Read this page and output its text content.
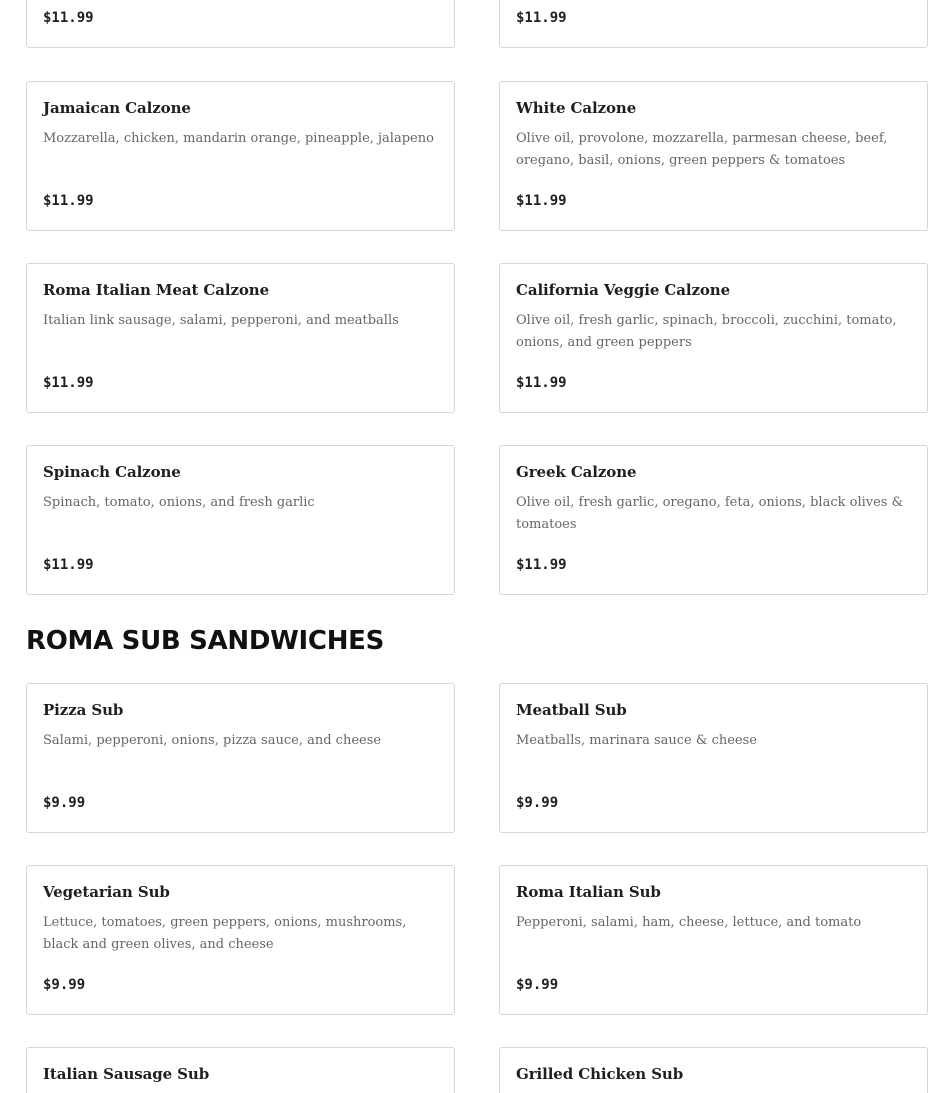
$11.99	$11.99
Jamaican Calzone
Mozzarella, chicken, mandarin orange, pineapple, jalapeno
$11.99
White Calzone
Olive oil, provolone, mozzarella, parmesan cheese, beef, oregano, basil, onions, green peppers & tomatoes
$11.99
Roma Italian Meat Calzone
Italian link sausage, salami, pepperoni, and meatballs
$11.99
California Veggie Calzone
Olive oil, fresh garlic, spinach, broccoli, zucchini, tomato, onions, and green peppers
$11.99
Spinach Calzone
Spinach, tomato, onions, and fresh garlic
$11.99
Greek Calzone
Olive oil, fresh garlic, oregano, feta, onions, black olives & tomatoes
$11.99
ROMA SUB SANDWICHES
Pizza Sub
Salami, pepperoni, onions, pizza sauce, and cheese
$9.99
Meatball Sub
Meatballs, marinara sauce & cheese
$9.99
Vegetarian Sub
Lettuce, tomatoes, green peppers, onions, mushrooms, black and green olives, and cheese
$9.99
Roma Italian Sub
Pepperoni, salami, ham, cheese, lettuce, and tomato
$9.99
Italian Sausage Sub	Grilled Chicken Sub
